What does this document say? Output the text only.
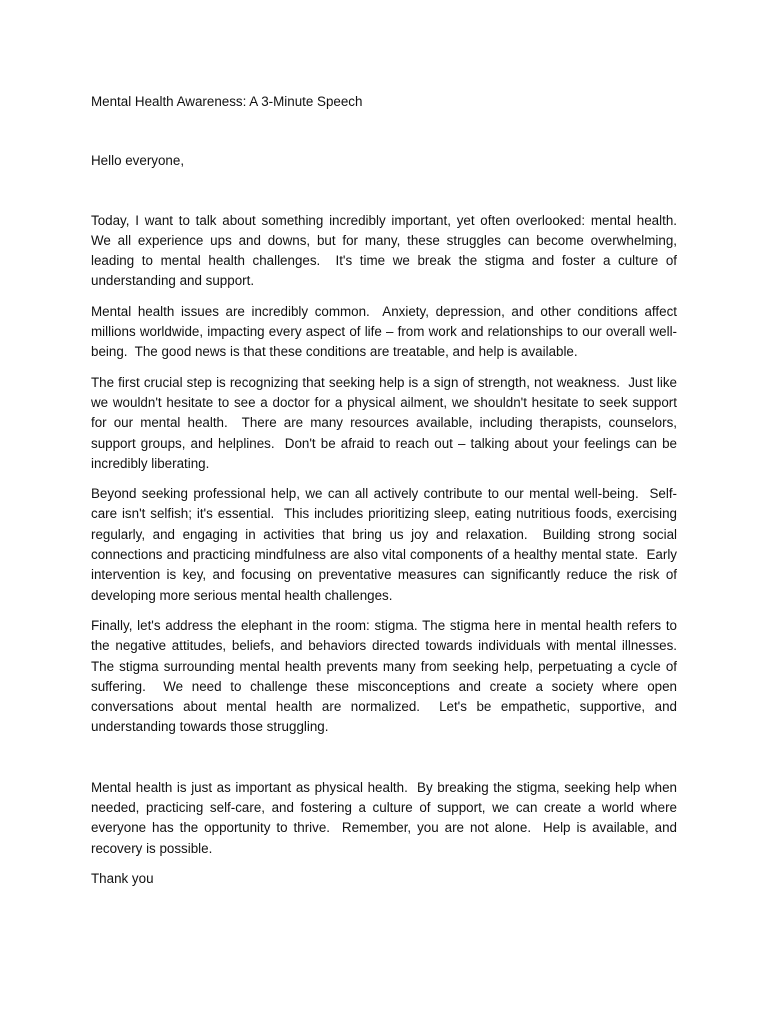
Mental Health Awareness: A 3-Minute Speech

Hello everyone,

Today, I want to talk about something incredibly important, yet often overlooked: mental health.  We all experience ups and downs, but for many, these struggles can become overwhelming, leading to mental health challenges.  It's time we break the stigma and foster a culture of understanding and support.

Mental health issues are incredibly common.  Anxiety, depression, and other conditions affect millions worldwide, impacting every aspect of life – from work and relationships to our overall well-being.  The good news is that these conditions are treatable, and help is available.

The first crucial step is recognizing that seeking help is a sign of strength, not weakness.  Just like we wouldn't hesitate to see a doctor for a physical ailment, we shouldn't hesitate to seek support for our mental health.  There are many resources available, including therapists, counselors, support groups, and helplines.  Don't be afraid to reach out – talking about your feelings can be incredibly liberating.

Beyond seeking professional help, we can all actively contribute to our mental well-being.  Self-care isn't selfish; it's essential.  This includes prioritizing sleep, eating nutritious foods, exercising regularly, and engaging in activities that bring us joy and relaxation.  Building strong social connections and practicing mindfulness are also vital components of a healthy mental state.  Early intervention is key, and focusing on preventative measures can significantly reduce the risk of developing more serious mental health challenges.

Finally, let's address the elephant in the room: stigma. The stigma here in mental health refers to the negative attitudes, beliefs, and behaviors directed towards individuals with mental illnesses. The stigma surrounding mental health prevents many from seeking help, perpetuating a cycle of suffering.  We need to challenge these misconceptions and create a society where open conversations about mental health are normalized.  Let's be empathetic, supportive, and understanding towards those struggling.

Mental health is just as important as physical health.  By breaking the stigma, seeking help when needed, practicing self-care, and fostering a culture of support, we can create a world where everyone has the opportunity to thrive.  Remember, you are not alone.  Help is available, and recovery is possible.

Thank you
